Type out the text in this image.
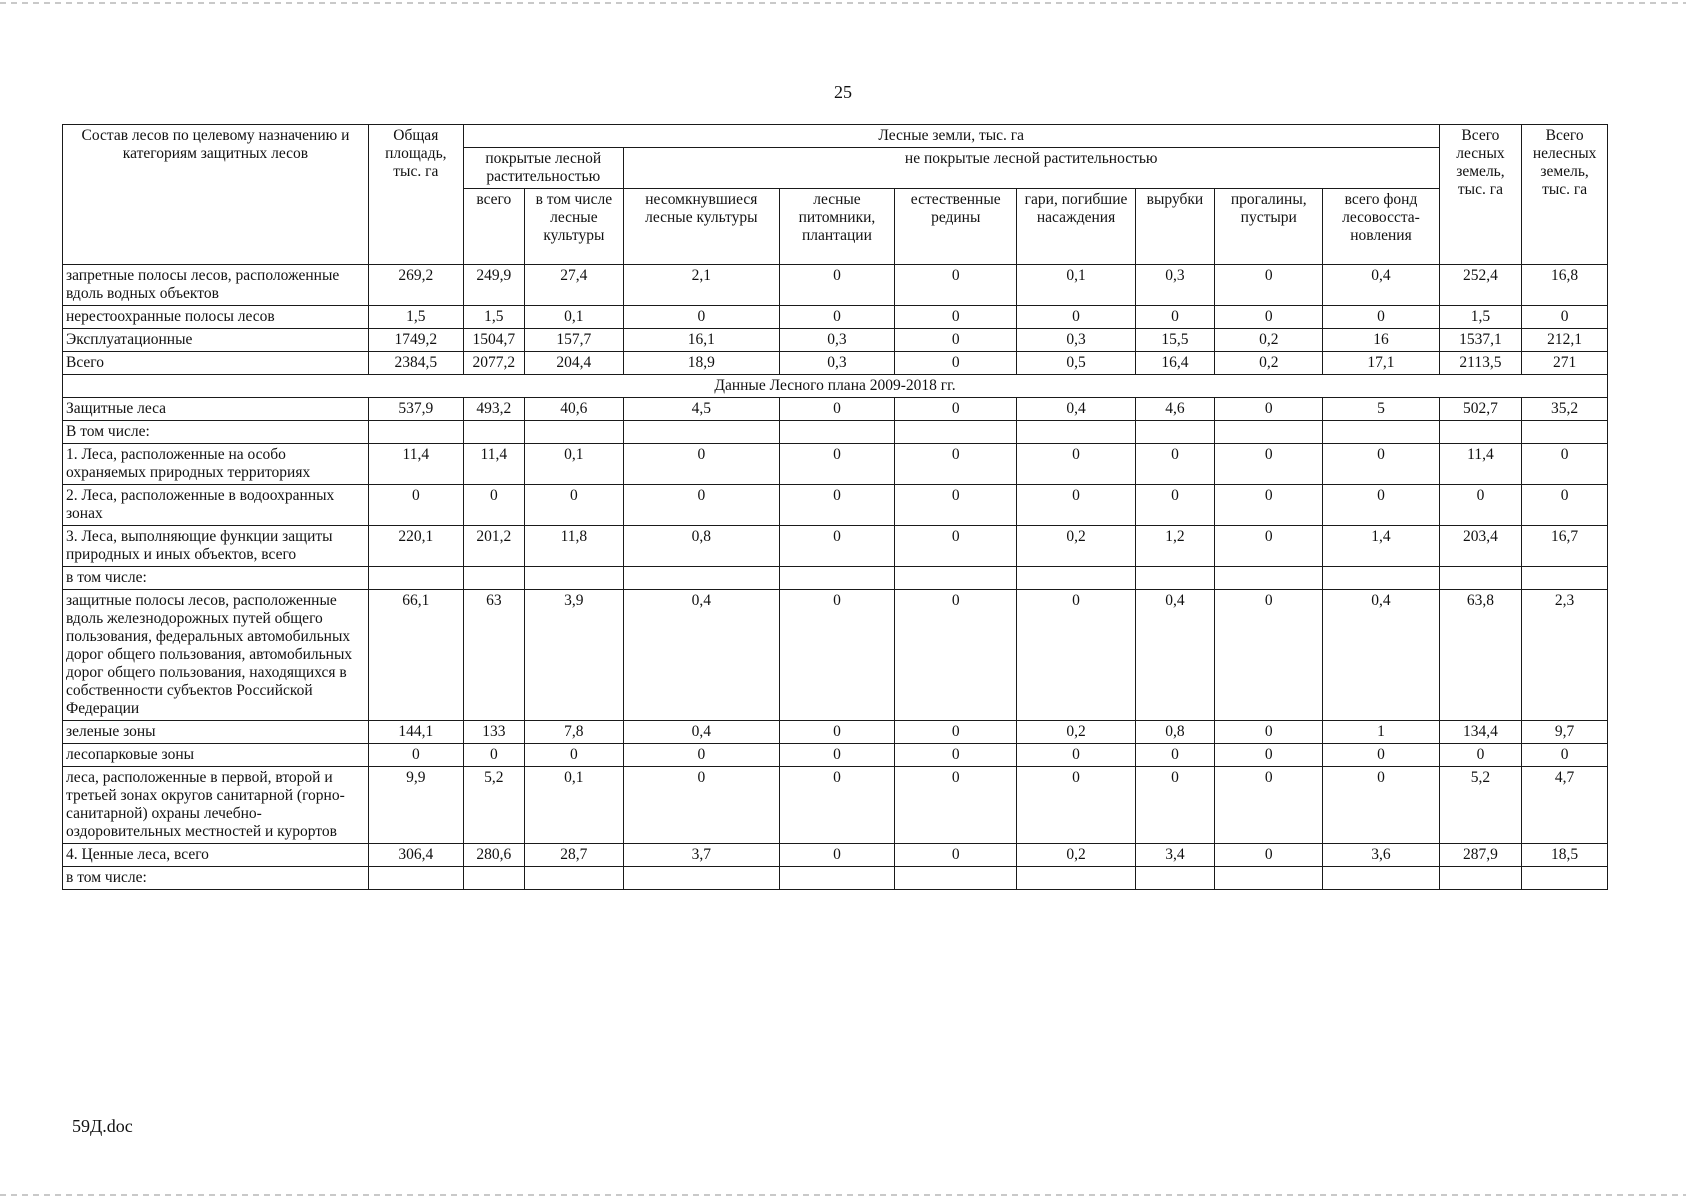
25
Состав лесов по целевому назначению и категориям защитных лесов	Общая площадь, тыс. га	Лесные земли, тыс. га									Всего лесных земель, тыс. га	Всего нелесных земель, тыс. га
		покрытые лесной растительностью		не покрытые лесной растительностью								
		всего	в том числе лесные культуры	несомкнувшиеся лесные культуры	лесные питомники, плантации	естественные редины	гари, погибшие насаждения	вырубки	прогалины, пустыри	всего фонд лесовосста-новления		
запретные полосы лесов, расположенные вдоль водных объектов	269,2	249,9	27,4	2,1	0	0	0,1	0,3	0	0,4	252,4	16,8
нерестоохранные полосы лесов	1,5	1,5	0,1	0	0	0	0	0	0	0	1,5	0
Эксплуатационные	1749,2	1504,7	157,7	16,1	0,3	0	0,3	15,5	0,2	16	1537,1	212,1
Всего	2384,5	2077,2	204,4	18,9	0,3	0	0,5	16,4	0,2	17,1	2113,5	271
Данные Лесного плана 2009-2018 гг.												
Защитные леса	537,9	493,2	40,6	4,5	0	0	0,4	4,6	0	5	502,7	35,2
В том числе:												
1. Леса, расположенные на особо охраняемых природных территориях	11,4	11,4	0,1	0	0	0	0	0	0	0	11,4	0
2. Леса, расположенные в водоохранных зонах	0	0	0	0	0	0	0	0	0	0	0	0
3. Леса, выполняющие функции защиты природных и иных объектов, всего	220,1	201,2	11,8	0,8	0	0	0,2	1,2	0	1,4	203,4	16,7
в том числе:												
защитные полосы лесов, расположенные вдоль железнодорожных путей общего пользования, федеральных автомобильных дорог общего пользования, автомобильных дорог общего пользования, находящихся в собственности субъектов Российской Федерации	66,1	63	3,9	0,4	0	0	0	0,4	0	0,4	63,8	2,3
зеленые зоны	144,1	133	7,8	0,4	0	0	0,2	0,8	0	1	134,4	9,7
лесопарковые зоны	0	0	0	0	0	0	0	0	0	0	0	0
леса, расположенные в первой, второй и третьей зонах округов санитарной (горно-санитарной) охраны лечебно-оздоровительных местностей и курортов	9,9	5,2	0,1	0	0	0	0	0	0	0	5,2	4,7
4. Ценные леса, всего	306,4	280,6	28,7	3,7	0	0	0,2	3,4	0	3,6	287,9	18,5
в том числе:												
59Д.doc
